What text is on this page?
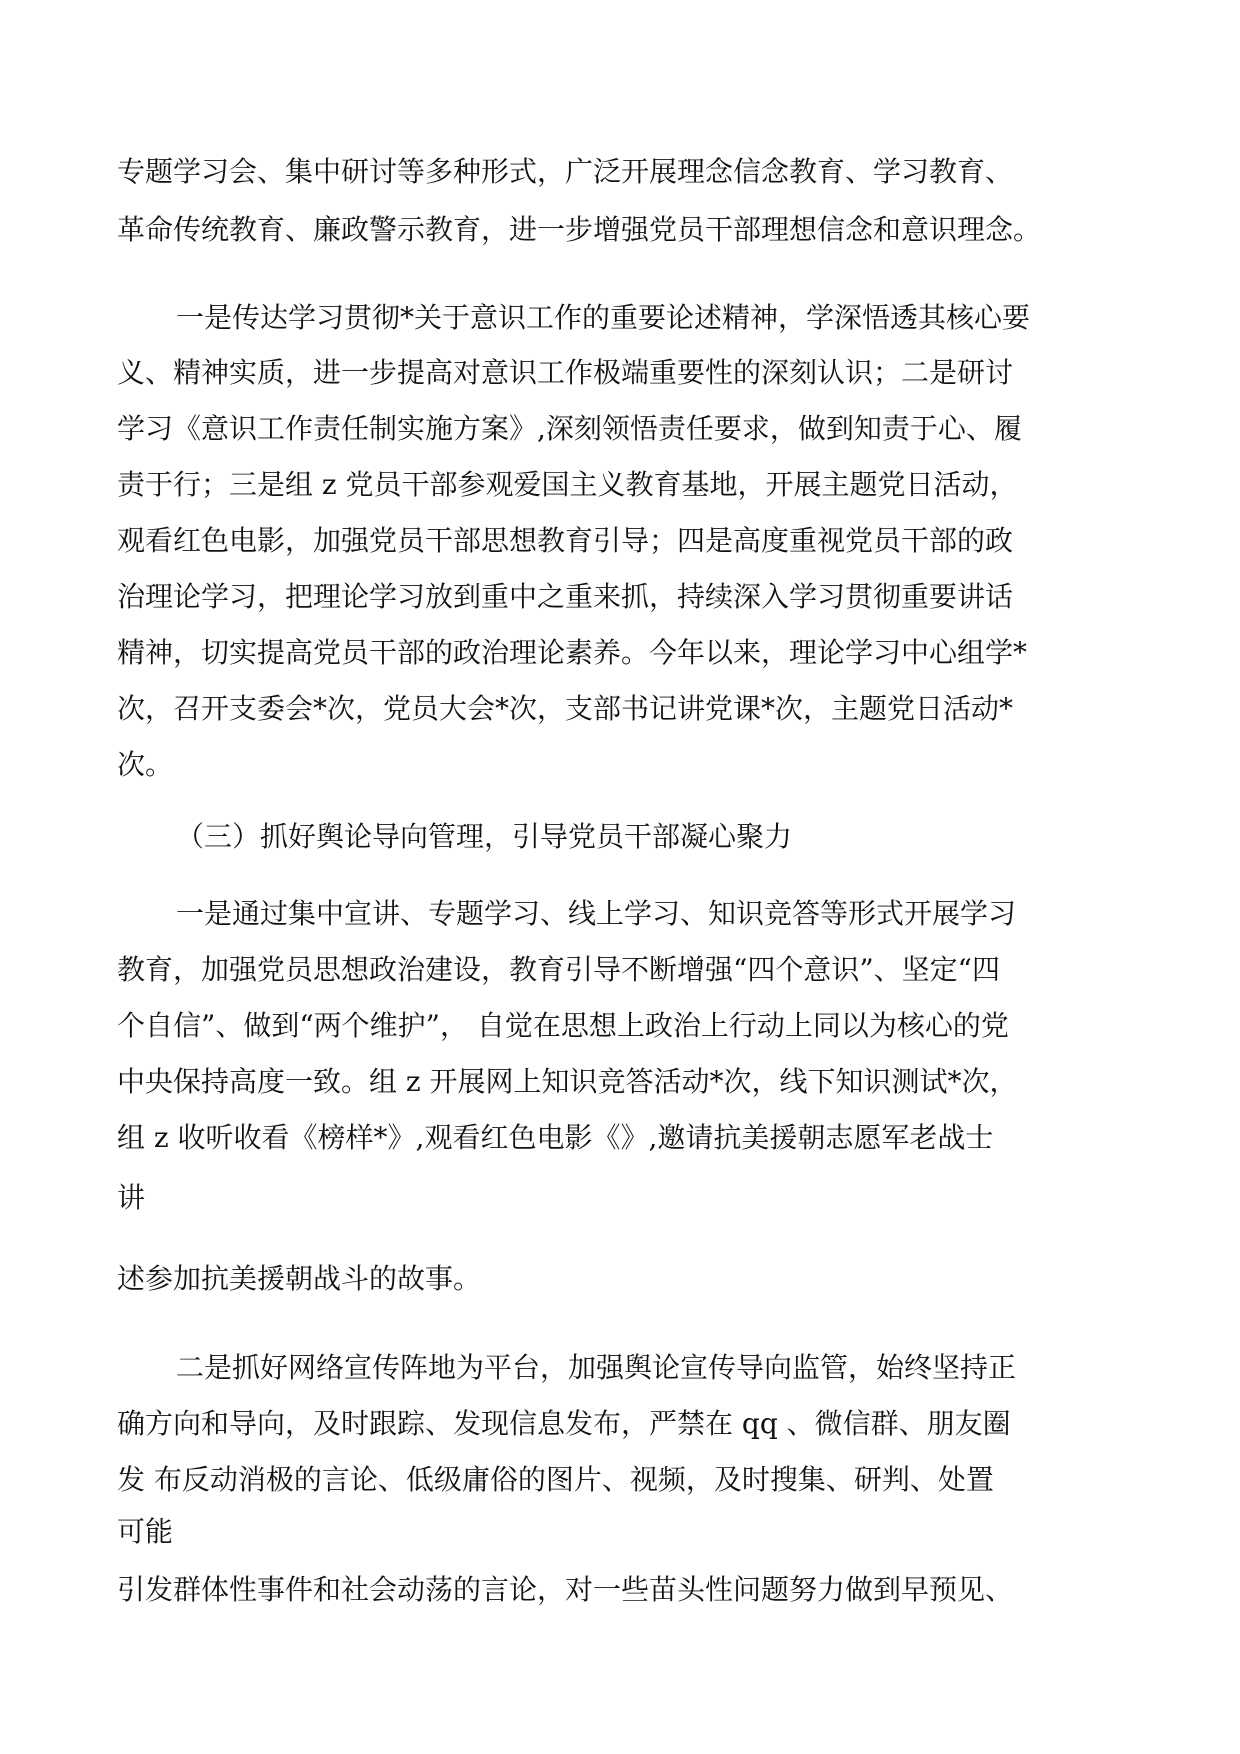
专题学习会、集中研讨等多种形式，广泛开展理念信念教育、学习教育、
革命传统教育、廉政警示教育，进一步增强党员干部理想信念和意识理念。
一是传达学习贯彻*关于意识工作的重要论述精神，学深悟透其核心要
义、精神实质，进一步提高对意识工作极端重要性的深刻认识；二是研讨
学习《意识工作责任制实施方案》,深刻领悟责任要求，做到知责于心、履
责于行；三是组 z 党员干部参观爱国主义教育基地，开展主题党日活动，
观看红色电影，加强党员干部思想教育引导；四是高度重视党员干部的政
治理论学习，把理论学习放到重中之重来抓，持续深入学习贯彻重要讲话
精神，切实提高党员干部的政治理论素养。今年以来，理论学习中心组学*
次，召开支委会*次，党员大会*次，支部书记讲党课*次，主题党日活动*
次。
（三）抓好舆论导向管理，引导党员干部凝心聚力
一是通过集中宣讲、专题学习、线上学习、知识竞答等形式开展学习
教育，加强党员思想政治建设，教育引导不断增强“四个意识”、坚定“四
个自信”、做到“两个维护”， 自觉在思想上政治上行动上同以为核心的党
中央保持高度一致。组 z 开展网上知识竞答活动*次，线下知识测试*次，
组 z 收听收看《榜样*》,观看红色电影《》,邀请抗美援朝志愿军老战士
讲
述参加抗美援朝战斗的故事。
二是抓好网络宣传阵地为平台，加强舆论宣传导向监管，始终坚持正
确方向和导向，及时跟踪、发现信息发布，严禁在 qq 、微信群、朋友圈
发 布反动消极的言论、低级庸俗的图片、视频，及时搜集、研判、处置
可能
引发群体性事件和社会动荡的言论，对一些苗头性问题努力做到早预见、
